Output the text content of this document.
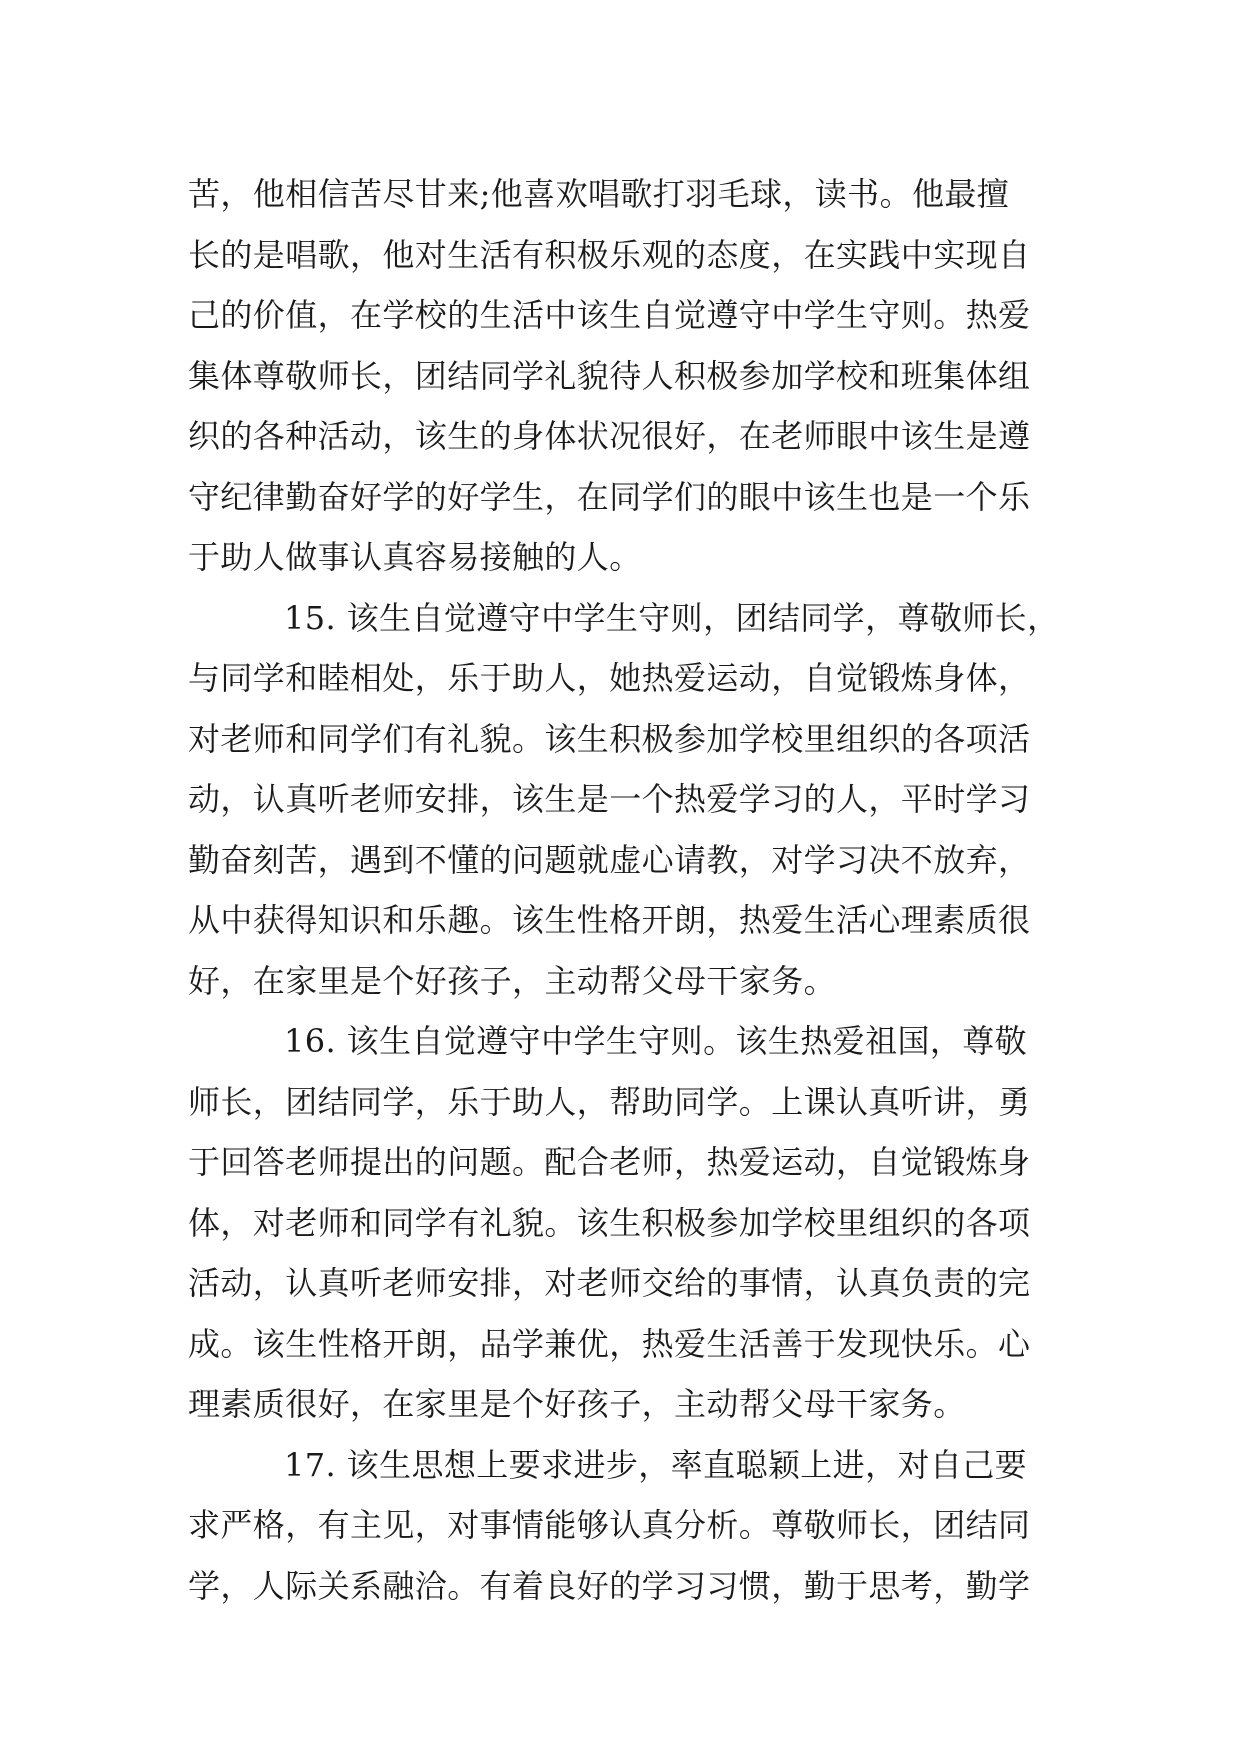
苦，他相信苦尽甘来;他喜欢唱歌打羽毛球，读书。他最擅
长的是唱歌，他对生活有积极乐观的态度，在实践中实现自
己的价值，在学校的生活中该生自觉遵守中学生守则。热爱
集体尊敬师长，团结同学礼貌待人积极参加学校和班集体组
织的各种活动，该生的身体状况很好，在老师眼中该生是遵
守纪律勤奋好学的好学生，在同学们的眼中该生也是一个乐
于助人做事认真容易接触的人。
15. 该生自觉遵守中学生守则，团结同学，尊敬师长，
与同学和睦相处，乐于助人，她热爱运动，自觉锻炼身体，
对老师和同学们有礼貌。该生积极参加学校里组织的各项活
动，认真听老师安排，该生是一个热爱学习的人，平时学习
勤奋刻苦，遇到不懂的问题就虚心请教，对学习决不放弃，
从中获得知识和乐趣。该生性格开朗，热爱生活心理素质很
好，在家里是个好孩子，主动帮父母干家务。
16. 该生自觉遵守中学生守则。该生热爱祖国，尊敬
师长，团结同学，乐于助人，帮助同学。上课认真听讲，勇
于回答老师提出的问题。配合老师，热爱运动，自觉锻炼身
体，对老师和同学有礼貌。该生积极参加学校里组织的各项
活动，认真听老师安排，对老师交给的事情，认真负责的完
成。该生性格开朗，品学兼优，热爱生活善于发现快乐。心
理素质很好，在家里是个好孩子，主动帮父母干家务。
17. 该生思想上要求进步，率直聪颖上进，对自己要
求严格，有主见，对事情能够认真分析。尊敬师长，团结同
学，人际关系融洽。有着良好的学习习惯，勤于思考，勤学
